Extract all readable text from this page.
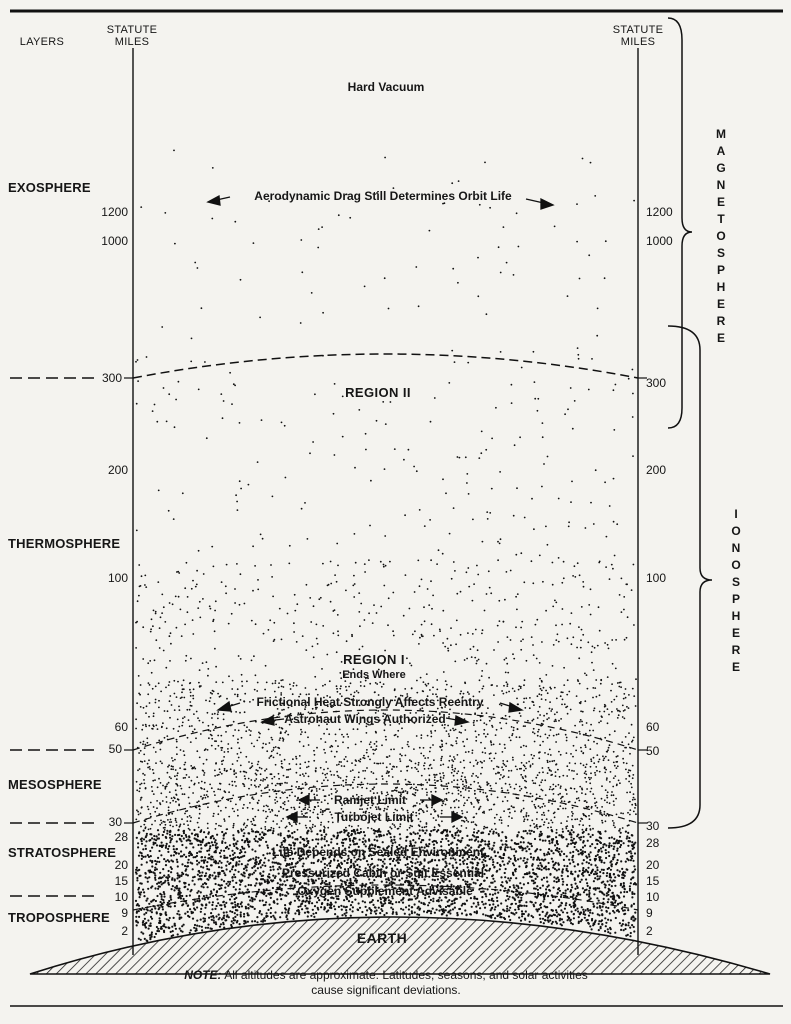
LAYERS
STATUTE
MILES
STATUTE
MILES
EXOSPHERE
THERMOSPHERE
MESOSPHERE
STRATOSPHERE
TROPOSPHERE
1200
1000
300
200
100
60
50
30
28
20
15
10
9
2
1200
1000
300
200
100
60
50
30
28
20
15
10
9
2
Hard Vacuum
REGION II
REGION I
Ends Where
EARTH
Aerodynamic Drag Still Determines Orbit Life
Frictional Heat Strongly Affects Reentry
Astronaut Wings Authorized
Ramjet Limit
Turbojet Limit
Life Depends on Sealed Environment
Pressurized Cabin or Suit Essential
Oxygen Supplement Advisable
M
A
G
N
E
T
O
S
P
H
E
R
E
I
O
N
O
S
P
H
E
R
E
NOTE: All altitudes are approximate. Latitudes, seasons, and solar activities cause significant deviations.
